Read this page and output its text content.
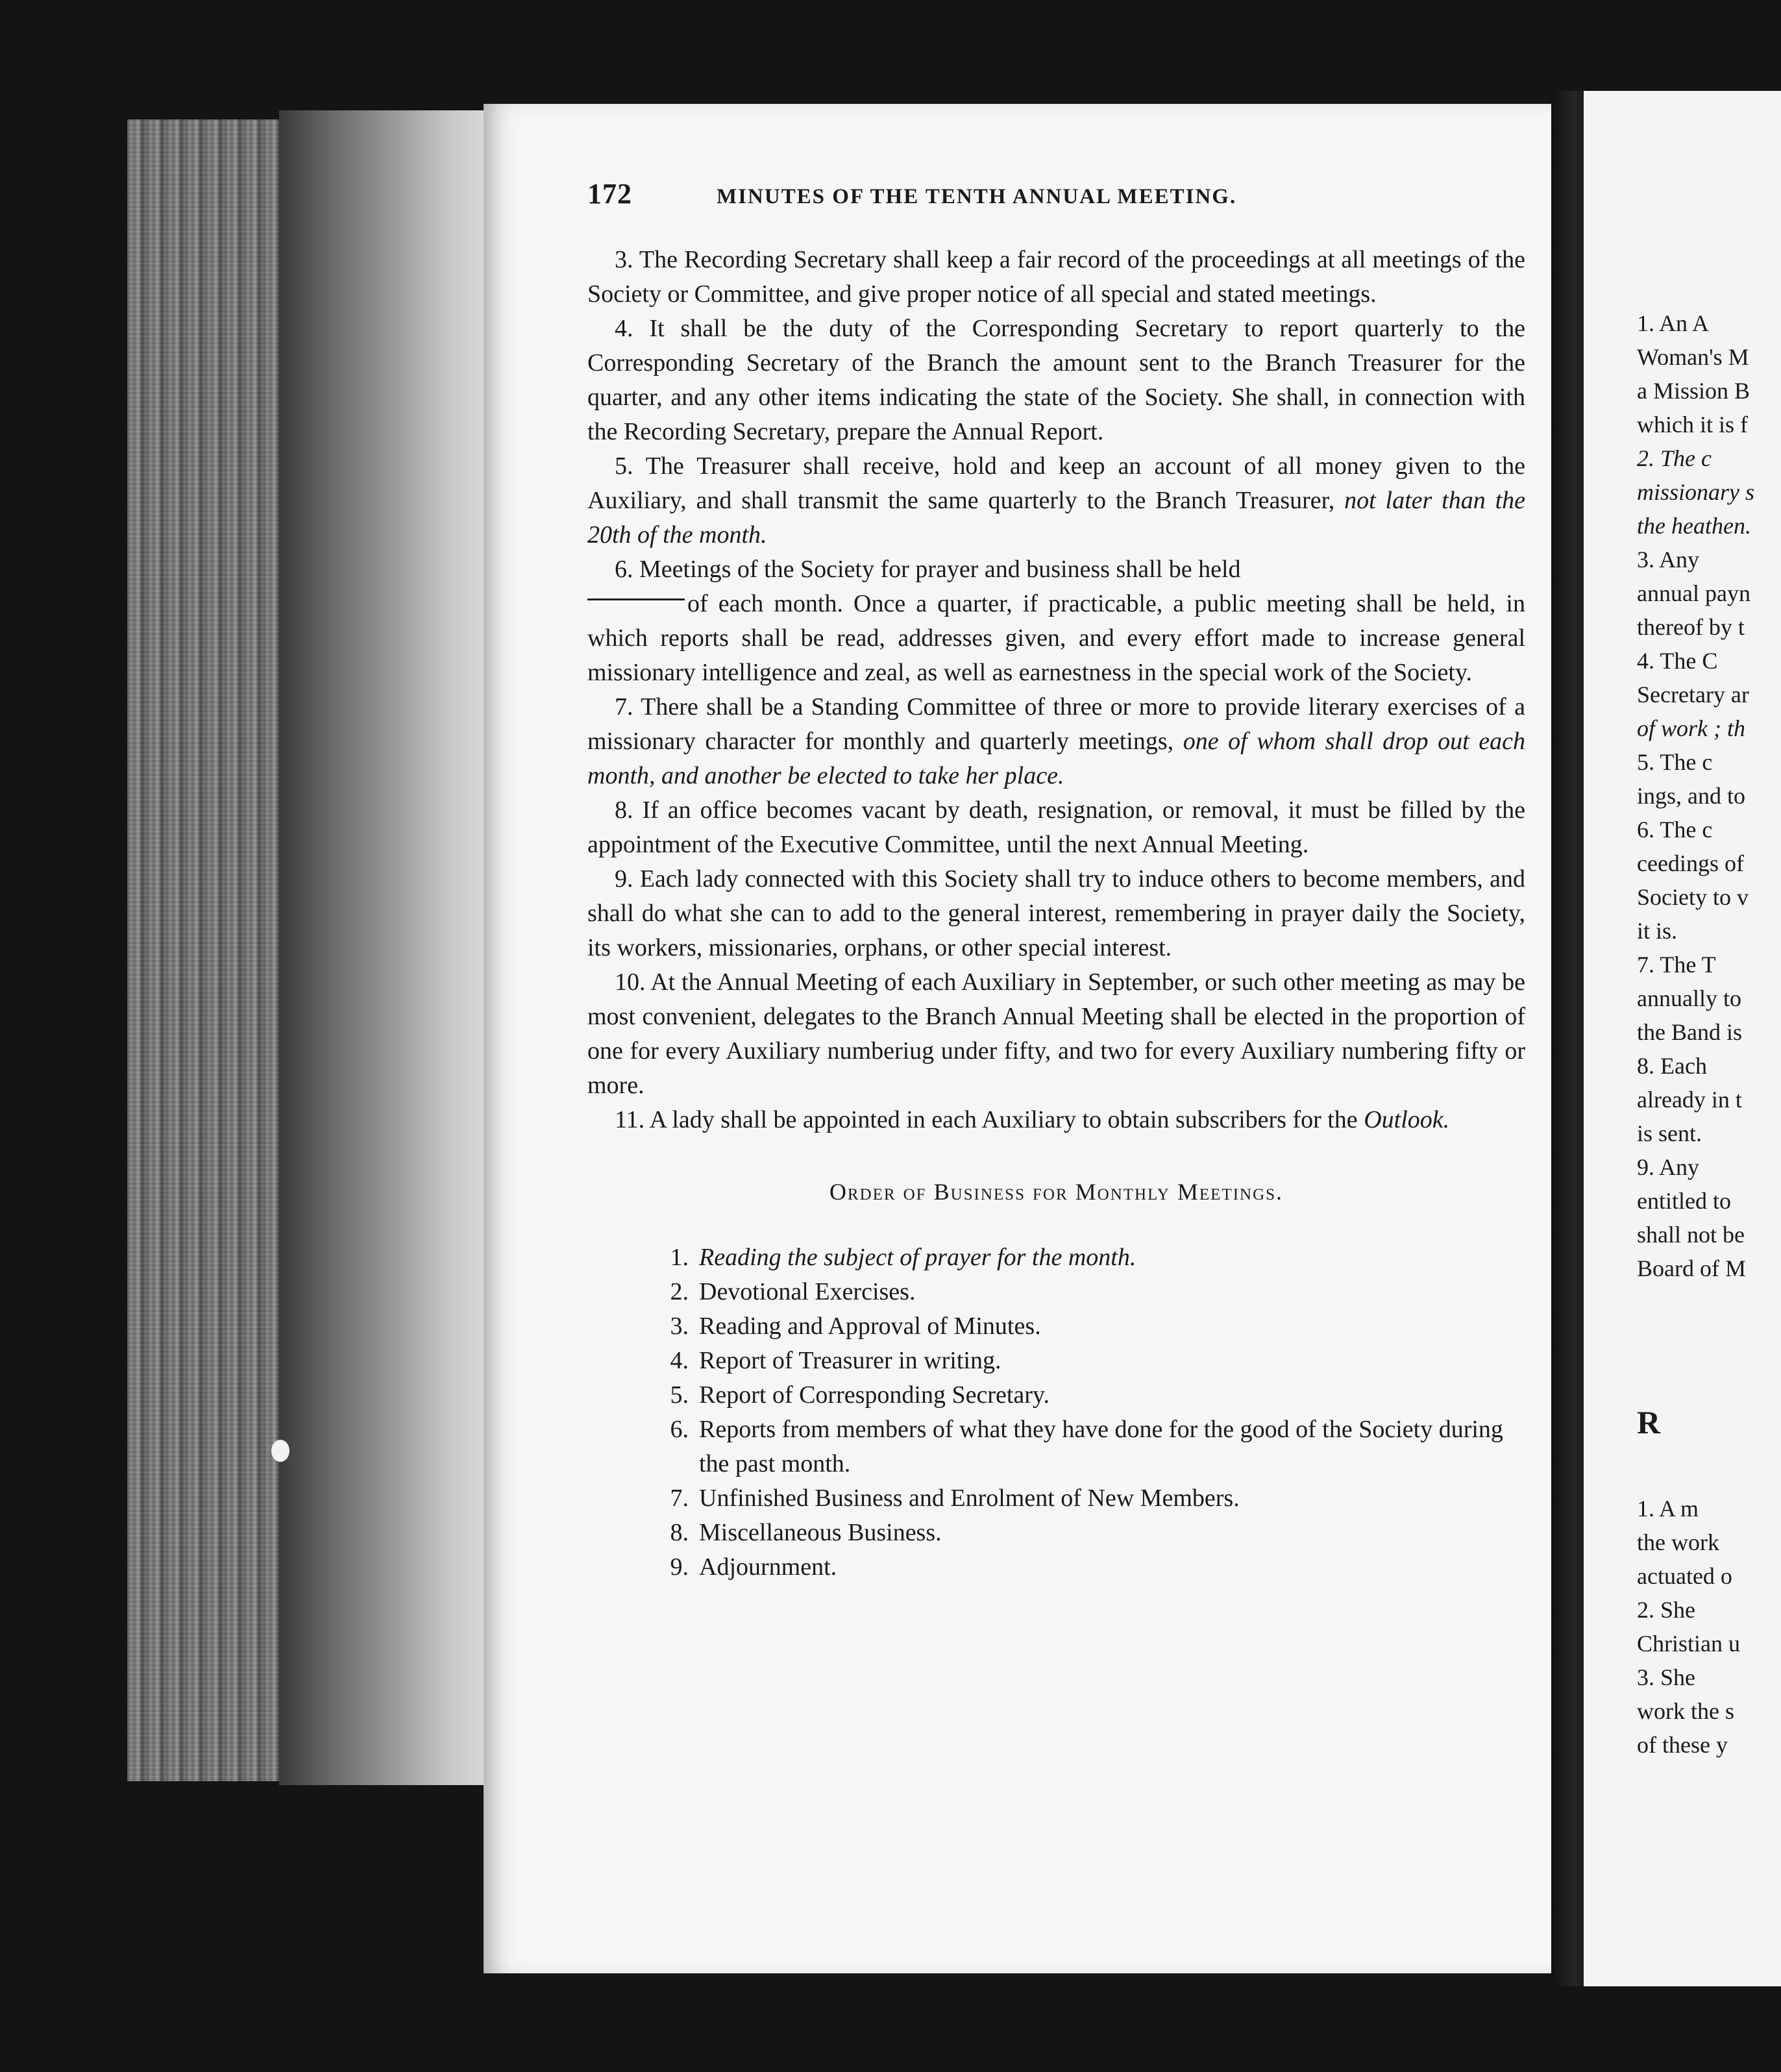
172	MINUTES OF THE TENTH ANNUAL MEETING.

3. The Recording Secretary shall keep a fair record of the proceedings at all meetings of the Society or Committee, and give proper notice of all special and stated meetings.

4. It shall be the duty of the Corresponding Secretary to report quarterly to the Corresponding Secretary of the Branch the amount sent to the Branch Treasurer for the quarter, and any other items indicating the state of the Society. She shall, in connection with the Recording Secretary, prepare the Annual Report.

5. The Treasurer shall receive, hold and keep an account of all money given to the Auxiliary, and shall transmit the same quarterly to the Branch Treasurer, not later than the 20th of the month.

6. Meetings of the Society for prayer and business shall be held

of each month. Once a quarter, if practicable, a public meeting shall be held, in which reports shall be read, addresses given, and every effort made to increase general missionary intelligence and zeal, as well as earnestness in the special work of the Society.

7. There shall be a Standing Committee of three or more to provide literary exercises of a missionary character for monthly and quarterly meetings, one of whom shall drop out each month, and another be elected to take her place.

8. If an office becomes vacant by death, resignation, or removal, it must be filled by the appointment of the Executive Committee, until the next Annual Meeting.

9. Each lady connected with this Society shall try to induce others to become members, and shall do what she can to add to the general interest, remembering in prayer daily the Society, its workers, missionaries, orphans, or other special interest.

10. At the Annual Meeting of each Auxiliary in September, or such other meeting as may be most convenient, delegates to the Branch Annual Meeting shall be elected in the proportion of one for every Auxiliary numberiug under fifty, and two for every Auxiliary numbering fifty or more.

11. A lady shall be appointed in each Auxiliary to obtain subscribers for the Outlook.

Order of Business for Monthly Meetings.
1. Reading the subject of prayer for the month.
2. Devotional Exercises.
3. Reading and Approval of Minutes.
4. Report of Treasurer in writing.
5. Report of Corresponding Secretary.
6. Reports from members of what they have done for the good of the Society during the past month.
7. Unfinished Business and Enrolment of New Members.
8. Miscellaneous Business.
9. Adjournment.
1. An A
Woman's M
a Mission B
which it is f
2. The c
missionary s
the heathen.
3. Any
annual payn
thereof by t
4. The C
Secretary ar
of work ; th
5. The c
ings, and to
6. The c
ceedings of
Society to v
it is.
7. The T
annually to
the Band is
8. Each
already in t
is sent.
9. Any
entitled to
shall not be
Board of M
R
1. A m
the work
actuated o
2. She
Christian u
3. She
work the s
of these y
